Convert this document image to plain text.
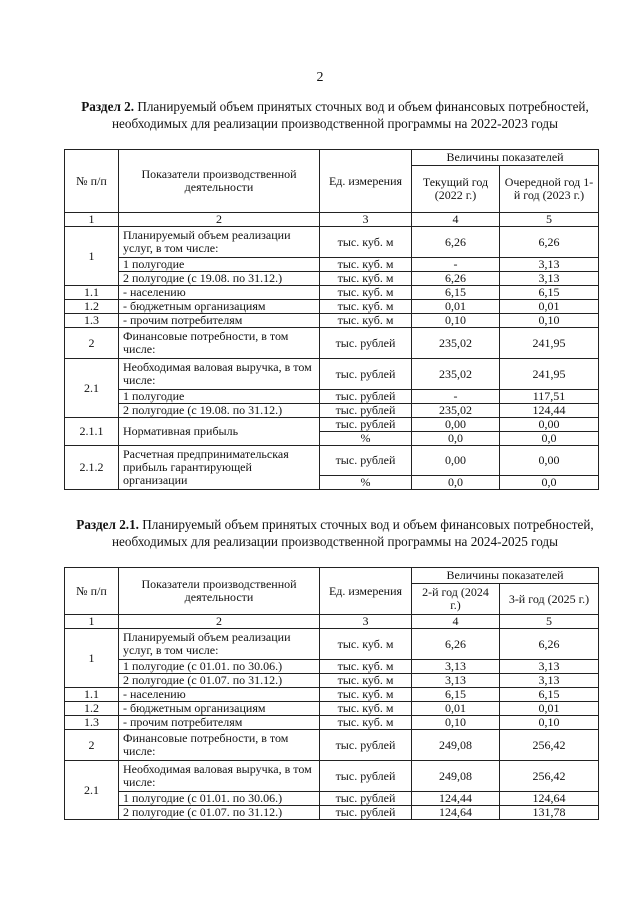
2
Раздел 2. Планируемый объем принятых сточных вод и объем финансовых потребностей, необходимых для реализации производственной программы на 2022-2023 годы
№ п/п	Показатели производственной деятельности	Ед. измерения	Величины показателей	
			Текущий год (2022 г.)	Очередной год 1-й год (2023 г.)
1	2	3	4	5
1	Планируемый объем реализации услуг, в том числе:	тыс. куб. м	6,26	6,26
	1 полугодие	тыс. куб. м	-	3,13
	2 полугодие (с 19.08. по 31.12.)	тыс. куб. м	6,26	3,13
1.1	- населению	тыс. куб. м	6,15	6,15
1.2	- бюджетным организациям	тыс. куб. м	0,01	0,01
1.3	- прочим потребителям	тыс. куб. м	0,10	0,10
2	Финансовые потребности, в том числе:	тыс. рублей	235,02	241,95
2.1	Необходимая валовая выручка, в том числе:	тыс. рублей	235,02	241,95
	1 полугодие	тыс. рублей	-	117,51
	2 полугодие (с 19.08. по 31.12.)	тыс. рублей	235,02	124,44
2.1.1	Нормативная прибыль	тыс. рублей	0,00	0,00
		%	0,0	0,0
2.1.2	Расчетная предпринимательская прибыль гарантирующей организации	тыс. рублей	0,00	0,00
		%	0,0	0,0
Раздел 2.1. Планируемый объем принятых сточных вод и объем финансовых потребностей, необходимых для реализации производственной программы на 2024-2025 годы
№ п/п	Показатели производственной деятельности	Ед. измерения	Величины показателей	
			2-й год (2024 г.)	3-й год (2025 г.)
1	2	3	4	5
1	Планируемый объем реализации услуг, в том числе:	тыс. куб. м	6,26	6,26
	1 полугодие (с 01.01. по 30.06.)	тыс. куб. м	3,13	3,13
	2 полугодие (с 01.07. по 31.12.)	тыс. куб. м	3,13	3,13
1.1	- населению	тыс. куб. м	6,15	6,15
1.2	- бюджетным организациям	тыс. куб. м	0,01	0,01
1.3	- прочим потребителям	тыс. куб. м	0,10	0,10
2	Финансовые потребности, в том числе:	тыс. рублей	249,08	256,42
2.1	Необходимая валовая выручка, в том числе:	тыс. рублей	249,08	256,42
	1 полугодие (с 01.01. по 30.06.)	тыс. рублей	124,44	124,64
	2 полугодие (с 01.07. по 31.12.)	тыс. рублей	124,64	131,78
